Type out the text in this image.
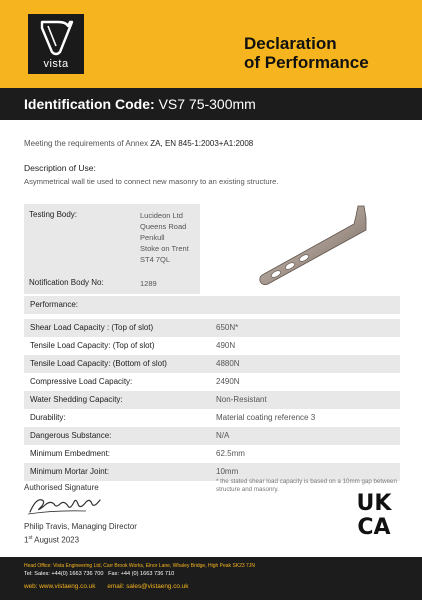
vista
Declaration
of Performance
Identification Code: VS7 75-300mm
Meeting the requirements of Annex ZA, EN 845-1:2003+A1:2008
Description of Use:
Asymmetrical wall tie used to connect new masonry to an existing structure.
Testing Body:	Lucideon Ltd
Queens Road
Penkull
Stoke on Trent
ST4 7QL
Notification Body No:	1289
Performance:
Shear Load Capacity : (Top of slot)	650N*
Tensile Load Capacity: (Top of slot)	490N
Tensile Load Capacity: (Bottom of slot)	4880N
Compressive Load Capacity:	2490N
Water Shedding Capacity:	Non-Resistant
Durability:	Material coating reference 3
Dangerous Substance:	N/A
Minimum Embedment:	62.5mm
Minimum Mortar Joint:	10mm
Authorised Signature
Philip Travis, Managing Director
1st August 2023
* the stated shear load capacity is based on a 10mm gap between structure and masonry.
UK
CA
Head Office: Vista Engineering Ltd, Carr Brook Works, Elnor Lane, Whaley Bridge, High Peak SK23 7JN
Tel: Sales: +44(0) 1663 736 700 Fax: +44 (0) 1663 736 710
web: www.vistaeng.co.uk email: sales@vistaeng.co.uk
